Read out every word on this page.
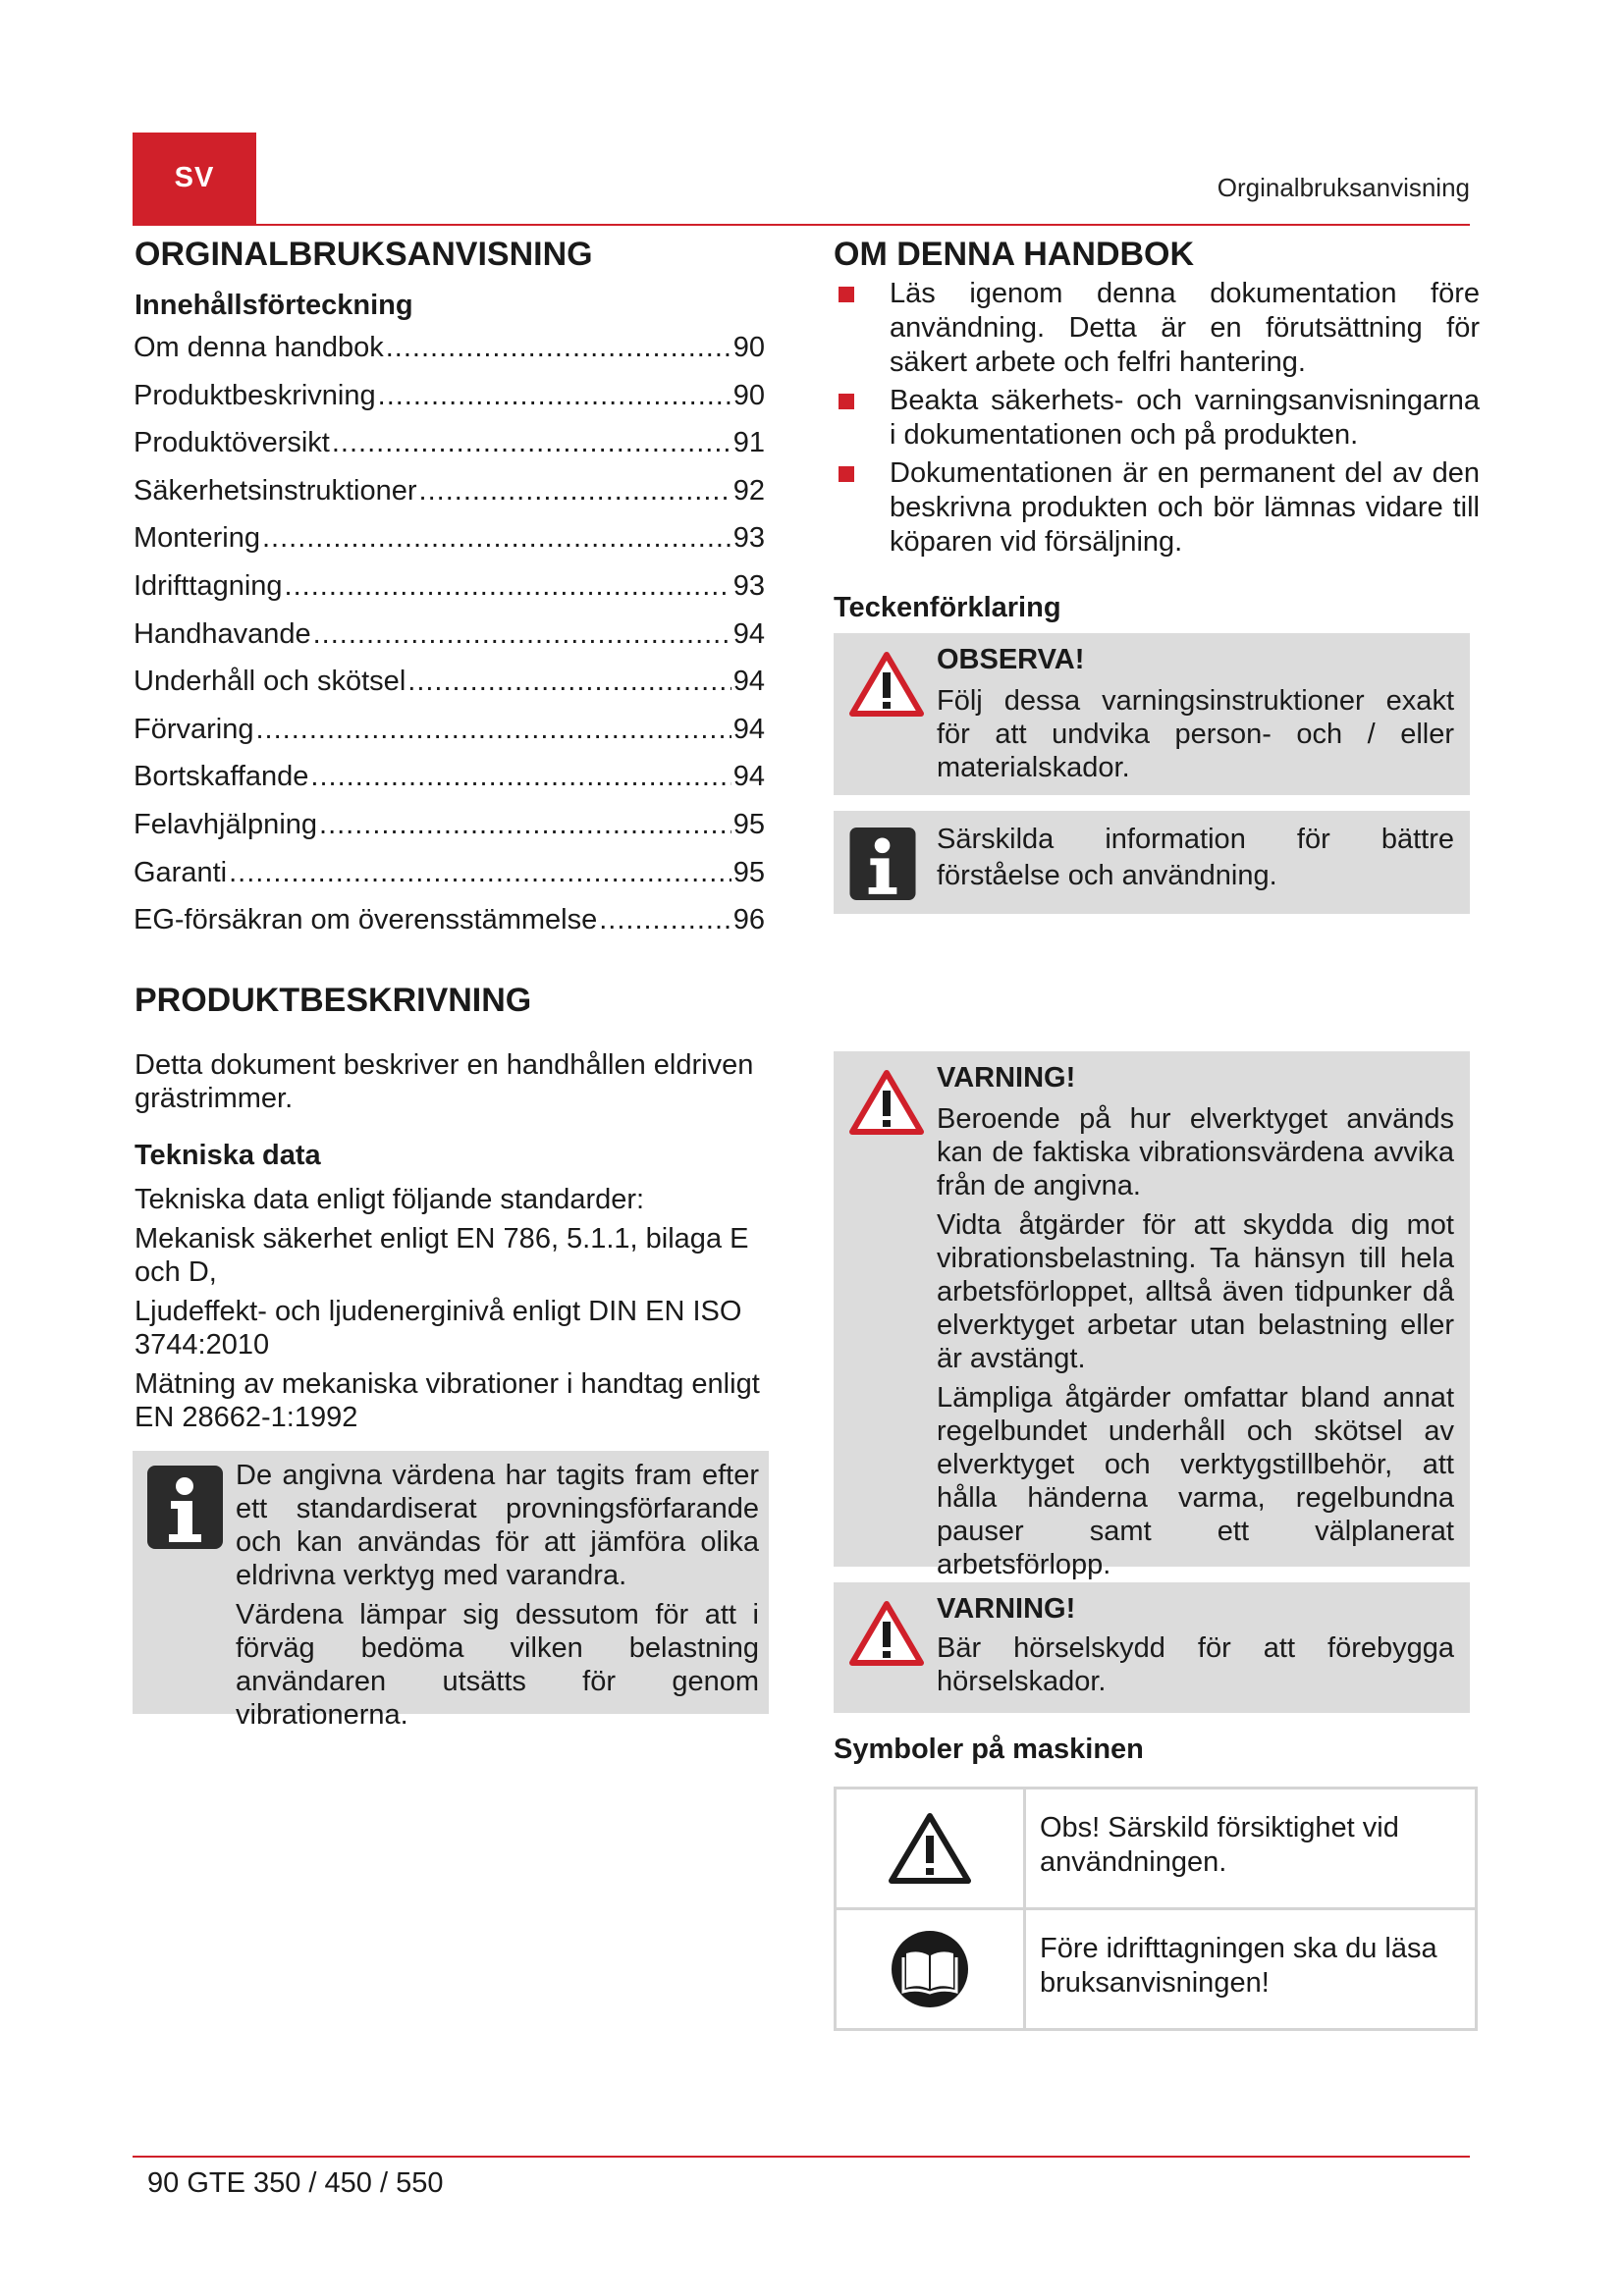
SV	Orginalbruksanvisning
ORGINALBRUKSANVISNING
Innehållsförteckning
Om denna handbok .....	90
Produktbeskrivning .....	90
Produktöversikt .....	91
Säkerhetsinstruktioner .....	92
Montering .....	93
Idrifttagning .....	93
Handhavande .....	94
Underhåll och skötsel .....	94
Förvaring .....	94
Bortskaffande .....	94
Felavhjälpning .....	95
Garanti .....	95
EG-försäkran om överensstämmelse .....	96
PRODUKTBESKRIVNING
Detta dokument beskriver en handhållen eldriven grästrimmer.
Tekniska data
Tekniska data enligt följande standarder:
Mekanisk säkerhet enligt EN 786, 5.1.1, bilaga E och D,
Ljudeffekt- och ljudenerginivå enligt DIN EN ISO 3744:2010
Mätning av mekaniska vibrationer i handtag enligt EN 28662-1:1992
De angivna värdena har tagits fram efter ett standardiserat provningsförfarande och kan användas för att jämföra olika eldrivna verktyg med varandra.
Värdena lämpar sig dessutom för att i förväg bedöma vilken belastning användaren utsätts för genom vibrationerna.
OM DENNA HANDBOK
Läs igenom denna dokumentation före användning. Detta är en förutsättning för säkert arbete och felfri hantering.
Beakta säkerhets- och varningsanvisningarna i dokumentationen och på produkten.
Dokumentationen är en permanent del av den beskrivna produkten och bör lämnas vidare till köparen vid försäljning.
Teckenförklaring
OBSERVA!
Följ dessa varningsinstruktioner exakt för att undvika person- och / eller materialskador.
Särskilda information för bättre förståelse och användning.
VARNING!
Beroende på hur elverktyget används kan de faktiska vibrationsvärdena avvika från de angivna.
Vidta åtgärder för att skydda dig mot vibrationsbelastning. Ta hänsyn till hela arbetsförloppet, alltså även tidpunker då elverktyget arbetar utan belastning eller är avstängt.
Lämpliga åtgärder omfattar bland annat regelbundet underhåll och skötsel av elverktyget och verktygstillbehör, att hålla händerna varma, regelbundna pauser samt ett välplanerat arbetsförlopp.
VARNING!
Bär hörselskydd för att förebygga hörselskador.
Symboler på maskinen
Obs! Särskild försiktighet vid användningen.
Före idrifttagningen ska du läsa bruksanvisningen!
90 GTE 350 / 450 / 550
